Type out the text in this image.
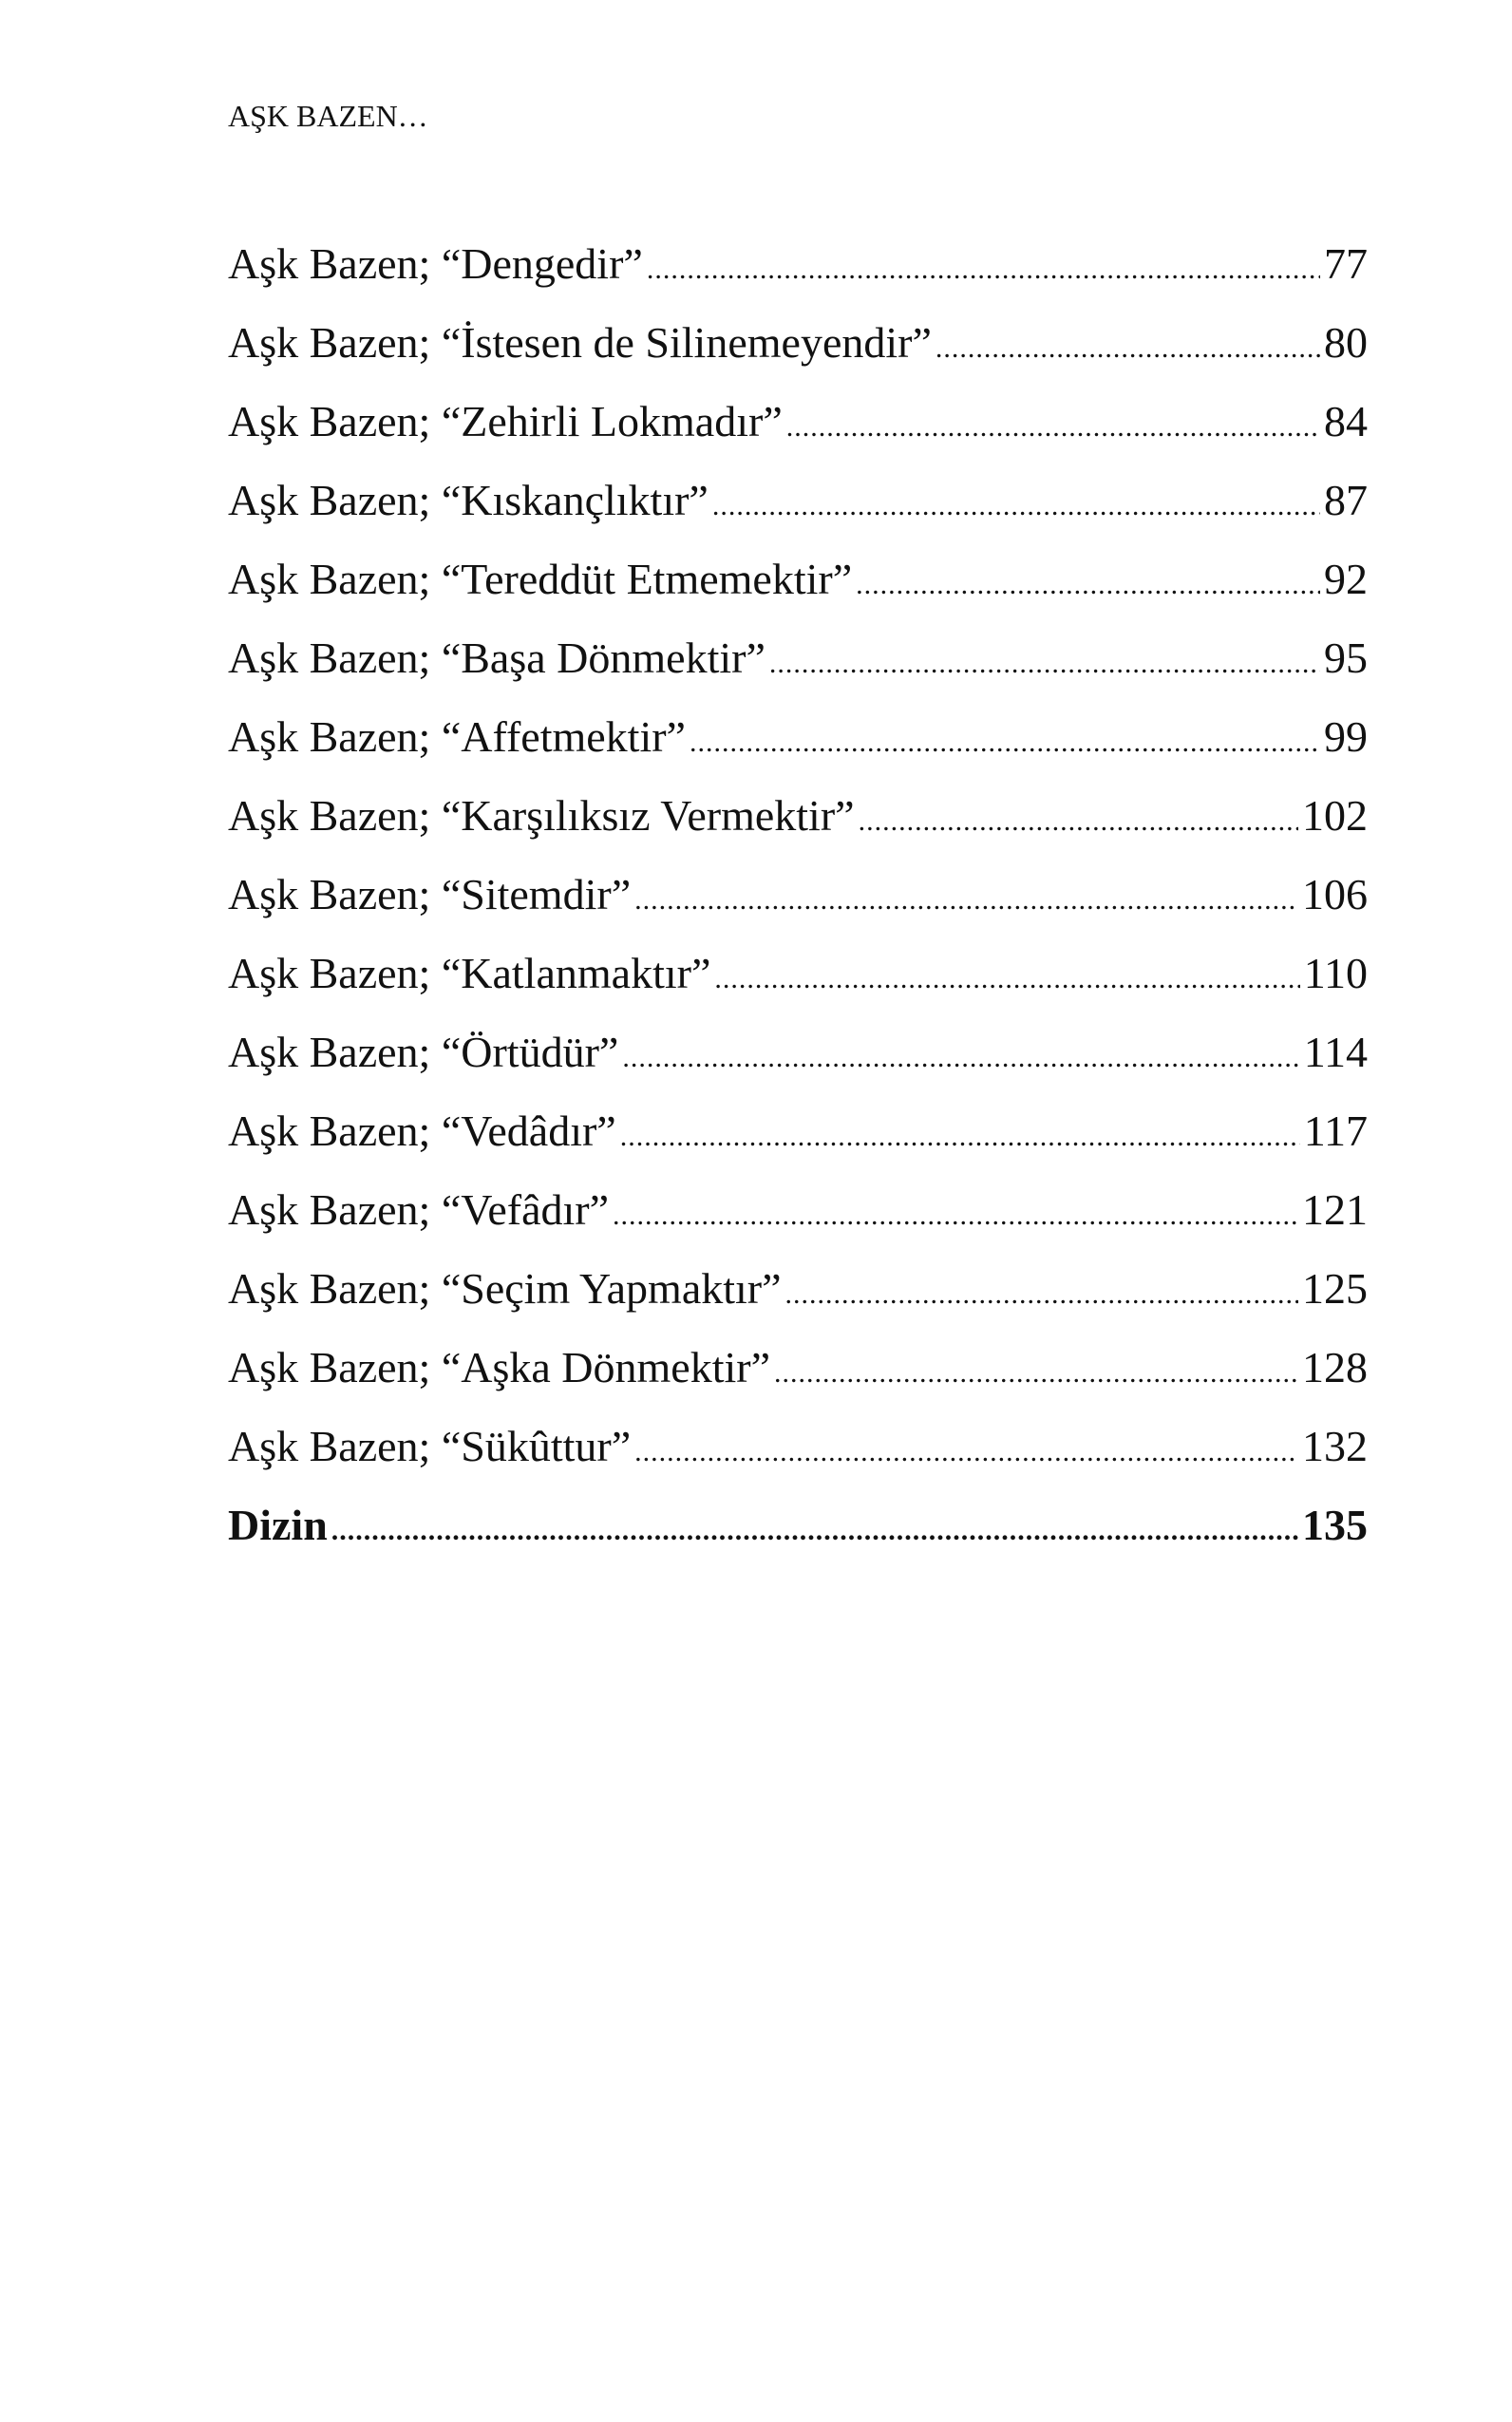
AŞK BAZEN…
Aşk Bazen; “Dengedir” .....	77
Aşk Bazen; “İstesen de Silinemeyendir” .....	80
Aşk Bazen; “Zehirli Lokmadır” .....	84
Aşk Bazen; “Kıskançlıktır” .....	87
Aşk Bazen; “Tereddüt Etmemektir” .....	92
Aşk Bazen; “Başa Dönmektir” .....	95
Aşk Bazen; “Affetmektir” .....	99
Aşk Bazen; “Karşılıksız Vermektir” .....	102
Aşk Bazen; “Sitemdir” .....	106
Aşk Bazen; “Katlanmaktır” .....	110
Aşk Bazen; “Örtüdür” .....	114
Aşk Bazen; “Vedâdır” .....	117
Aşk Bazen; “Vefâdır” .....	121
Aşk Bazen; “Seçim Yapmaktır” .....	125
Aşk Bazen; “Aşka Dönmektir” .....	128
Aşk Bazen; “Sükûttur” .....	132
Dizin .....	135
